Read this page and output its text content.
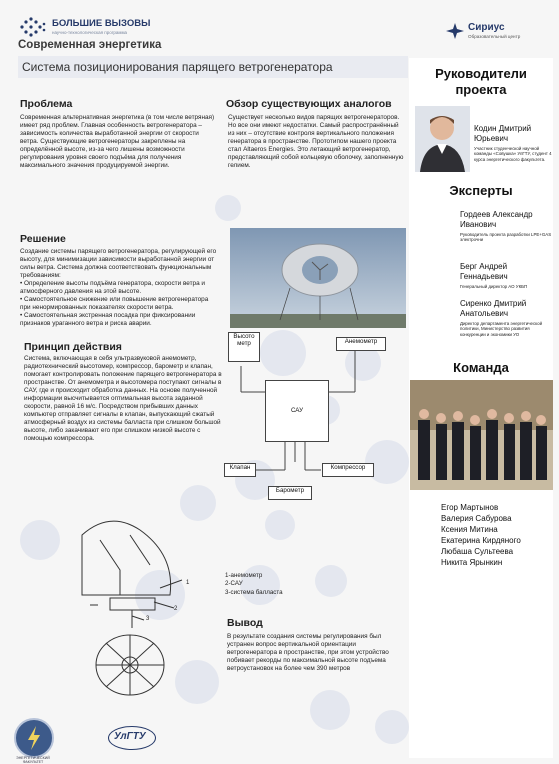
БОЛЬШИЕ ВЫЗОВЫ
научно-технологическая программа	Сириус
Образовательный центр
Современная энергетика
Система позиционирования парящего ветрогенератора	Руководители проекта
Кодин Дмитрий Юрьевич
Участник студенческой научной команды «Совушка» УлГТУ, студент 4 курса энергетического факультета.
Эксперты
Гордеев Александр Иванович
Руководитель проекта разработки LPE+GAS электрочни
Берг Андрей Геннадьевич
Генеральный директор АО УКБП
Сиренко Дмитрий Анатольевич
Директор департамента энергетической политики, Министерство развития конкуренции и экономики УО
Команда
Егор Мартынов
Валерия Сабурова
Ксения Митина
Екатерина Кирдяного
Любаша Сультеева
Никита Ярынкин
Проблема
Современная альтернативная энергетика (в том числе ветряная) имеет ряд проблем. Главная особенность ветрогенератора – зависимость количества выработанной энергии от скорости ветра. Существующие ветрогенераторы закреплены на определённой высоте, из-за чего лишены возможности регулирования уровня своего подъёма для получения максимального значения продуцируемой энергии.
Обзор существующих аналогов
Существует несколько видов парящих ветрогенераторов. Но все они имеют недостатки. Самый распространённый из них – отсутствие контроля вертикального положения генератора в пространстве. Прототипом нашего проекта стал Altaeros Energies. Это летающий ветрогенератор, представляющий собой кольцевую оболочку, заполненную гелием.
Решение
Создание системы парящего ветрогенератора, регулирующей его высоту, для минимизации зависимости выработанной энергии от силы ветра. Система должна соответствовать функциональным требованиям:
• Определение высоты подъёма генератора, скорости ветра и атмосферного давления на этой высоте.
• Самостоятельное снижение или повышение ветрогенератора при ненормированных показателях скорости ветра.
• Самостоятельная экстренная посадка при фиксировании признаков ураганного ветра и риска аварии.
Принцип действия
Система, включающая в себя ультразвуковой анемометр, радиотехнический высотомер, компрессор, барометр и клапан, помогает контролировать положение парящего ветрогенератора в пространстве. От анемометра и высотомера поступают сигналы в САУ, где и происходит обработка данных. На основе полученной информации высчитывается оптимальная высота заданной скорости, равной 16 м/с. Посредством прибывших данных компьютер отправляет сигналы в клапан, выпускающий сжатый атмосферный воздух из системы балласта при слишком большой высоте, либо закачивают его при слишком низкой высоте с помощью компрессора.
Высото метр	Анемометр
САУ
Клапан	Компрессор
Барометр
1
2
3
1-анемометр
2-САУ
3-система балласта
Вывод
В результате создания системы регулирования был устранен вопрос вертикальной ориентации ветрогенератора в пространстве, при этом устройство побивает рекорды по максимальной высоте подъема ветроустановок на более чем 390 метров
ЭНЕРГЕТИЧЕСКИЙ ФАКУЛЬТЕТ
УлГТУ
